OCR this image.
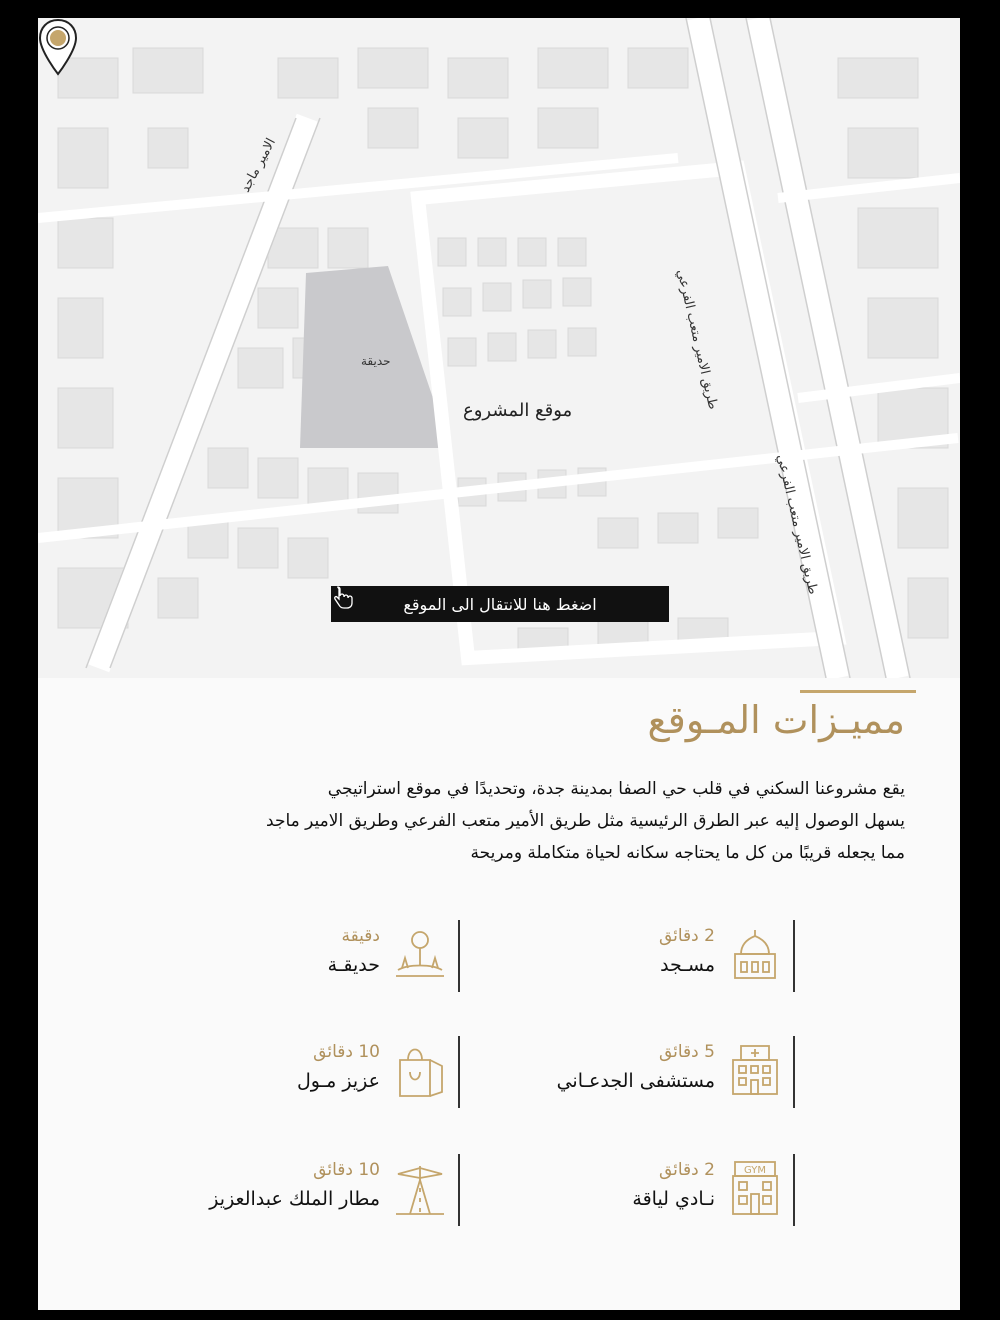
الامير ماجد
طريق الامير متعب الفرعي
طريق الامير متعب الفرعي
حديقة
موقع المشروع
اضغط هنا للانتقال الى الموقع
مميـزات المـوقع

يقع مشروعنا السكني في قلب حي الصفا بمدينة جدة، وتحديدًا في موقع استراتيجي

يسهل الوصول إليه عبر الطرق الرئيسية مثل طريق الأمير متعب الفرعي وطريق الامير ماجد

مما يجعله قريبًا من كل ما يحتاجه سكانه لحياة متكاملة ومريحة

2 دقائق
مسـجد
دقيقة
حديقـة
5 دقائق
مستشفى الجدعـاني
10 دقائق
عزيز مـول
GYM
2 دقائق
نـادي لياقة
10 دقائق
مطار الملك عبدالعزيز
